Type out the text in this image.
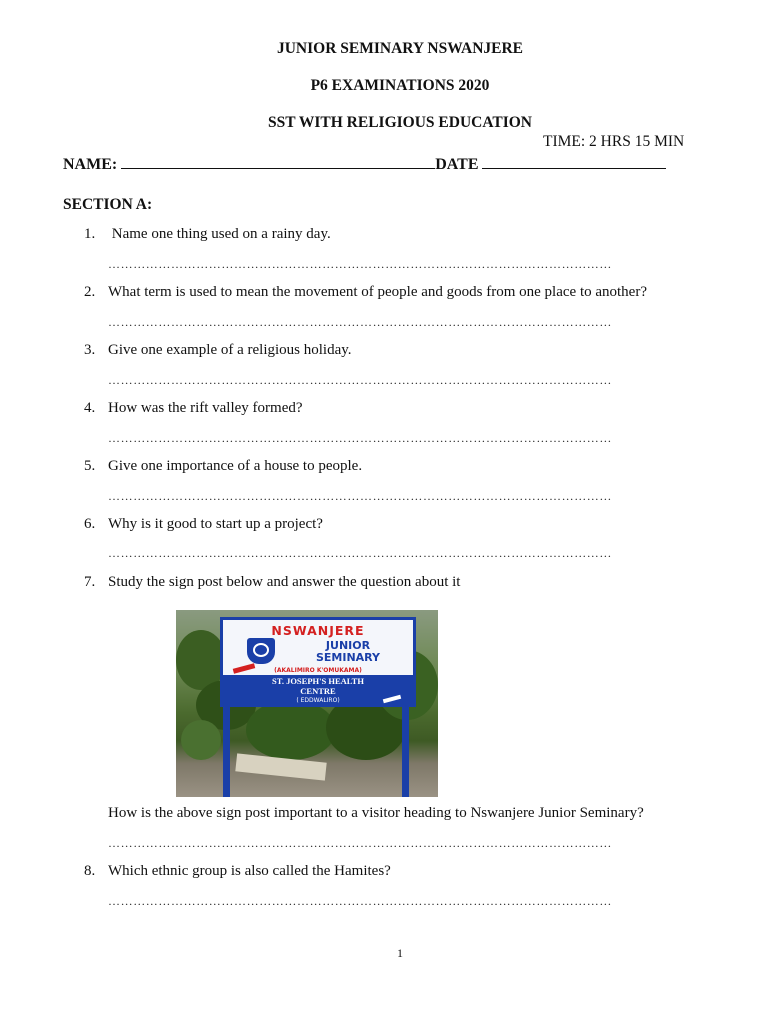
JUNIOR SEMINARY NSWANJERE
P6 EXAMINATIONS 2020
SST WITH RELIGIOUS EDUCATION
TIME: 2 HRS 15 MIN
NAME:	DATE
SECTION A:
1. Name one thing used on a rainy day.
…………………………………………………………………………………………………………
2. What term is used to mean the movement of people and goods from one place to another?
…………………………………………………………………………………………………………
3. Give one example of a religious holiday.
…………………………………………………………………………………………………………
4. How was the rift valley formed?
…………………………………………………………………………………………………………
5. Give one importance of a house to people.
…………………………………………………………………………………………………………
6. Why is it good to start up a project?
…………………………………………………………………………………………………………
7. Study the sign post below and answer the question about it
NSWANJERE
JUNIOR
SEMINARY
(AKALIMIRO K'OMUKAMA)
ST. JOSEPH'S HEALTH
CENTRE
( EDDWALIRO)
How is the above sign post important to a visitor heading to Nswanjere Junior Seminary?
…………………………………………………………………………………………………………
8. Which ethnic group is also called the Hamites?
…………………………………………………………………………………………………………
1
